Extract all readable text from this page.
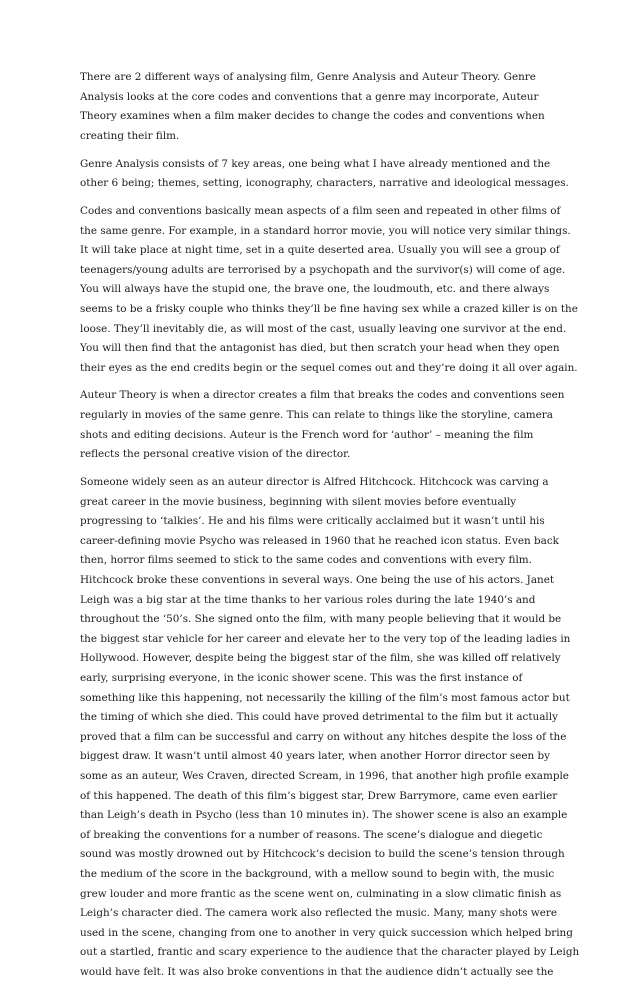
There are 2 different ways of analysing film, Genre Analysis and Auteur Theory. Genre
Analysis looks at the core codes and conventions that a genre may incorporate, Auteur
Theory examines when a film maker decides to change the codes and conventions when
creating their film.

Genre Analysis consists of 7 key areas, one being what I have already mentioned and the
other 6 being; themes, setting, iconography, characters, narrative and ideological messages.

Codes and conventions basically mean aspects of a film seen and repeated in other films of
the same genre. For example, in a standard horror movie, you will notice very similar things.
It will take place at night time, set in a quite deserted area. Usually you will see a group of
teenagers/young adults are terrorised by a psychopath and the survivor(s) will come of age.
You will always have the stupid one, the brave one, the loudmouth, etc. and there always
seems to be a frisky couple who thinks they’ll be fine having sex while a crazed killer is on the
loose. They’ll inevitably die, as will most of the cast, usually leaving one survivor at the end.
You will then find that the antagonist has died, but then scratch your head when they open
their eyes as the end credits begin or the sequel comes out and they’re doing it all over again.

Auteur Theory is when a director creates a film that breaks the codes and conventions seen
regularly in movies of the same genre. This can relate to things like the storyline, camera
shots and editing decisions. Auteur is the French word for ‘author’ – meaning the film
reflects the personal creative vision of the director.

Someone widely seen as an auteur director is Alfred Hitchcock. Hitchcock was carving a
great career in the movie business, beginning with silent movies before eventually
progressing to ‘talkies’. He and his films were critically acclaimed but it wasn’t until his
career-defining movie Psycho was released in 1960 that he reached icon status. Even back
then, horror films seemed to stick to the same codes and conventions with every film.
Hitchcock broke these conventions in several ways. One being the use of his actors. Janet
Leigh was a big star at the time thanks to her various roles during the late 1940’s and
throughout the ‘50’s. She signed onto the film, with many people believing that it would be
the biggest star vehicle for her career and elevate her to the very top of the leading ladies in
Hollywood. However, despite being the biggest star of the film, she was killed off relatively
early, surprising everyone, in the iconic shower scene. This was the first instance of
something like this happening, not necessarily the killing of the film’s most famous actor but
the timing of which she died. This could have proved detrimental to the film but it actually
proved that a film can be successful and carry on without any hitches despite the loss of the
biggest draw. It wasn’t until almost 40 years later, when another Horror director seen by
some as an auteur, Wes Craven, directed Scream, in 1996, that another high profile example
of this happened. The death of this film’s biggest star, Drew Barrymore, came even earlier
than Leigh’s death in Psycho (less than 10 minutes in). The shower scene is also an example
of breaking the conventions for a number of reasons. The scene’s dialogue and diegetic
sound was mostly drowned out by Hitchcock’s decision to build the scene’s tension through
the medium of the score in the background, with a mellow sound to begin with, the music
grew louder and more frantic as the scene went on, culminating in a slow climatic finish as
Leigh’s character died. The camera work also reflected the music. Many, many shots were
used in the scene, changing from one to another in very quick succession which helped bring
out a startled, frantic and scary experience to the audience that the character played by Leigh
would have felt. It was also broke conventions in that the audience didn’t actually see the
